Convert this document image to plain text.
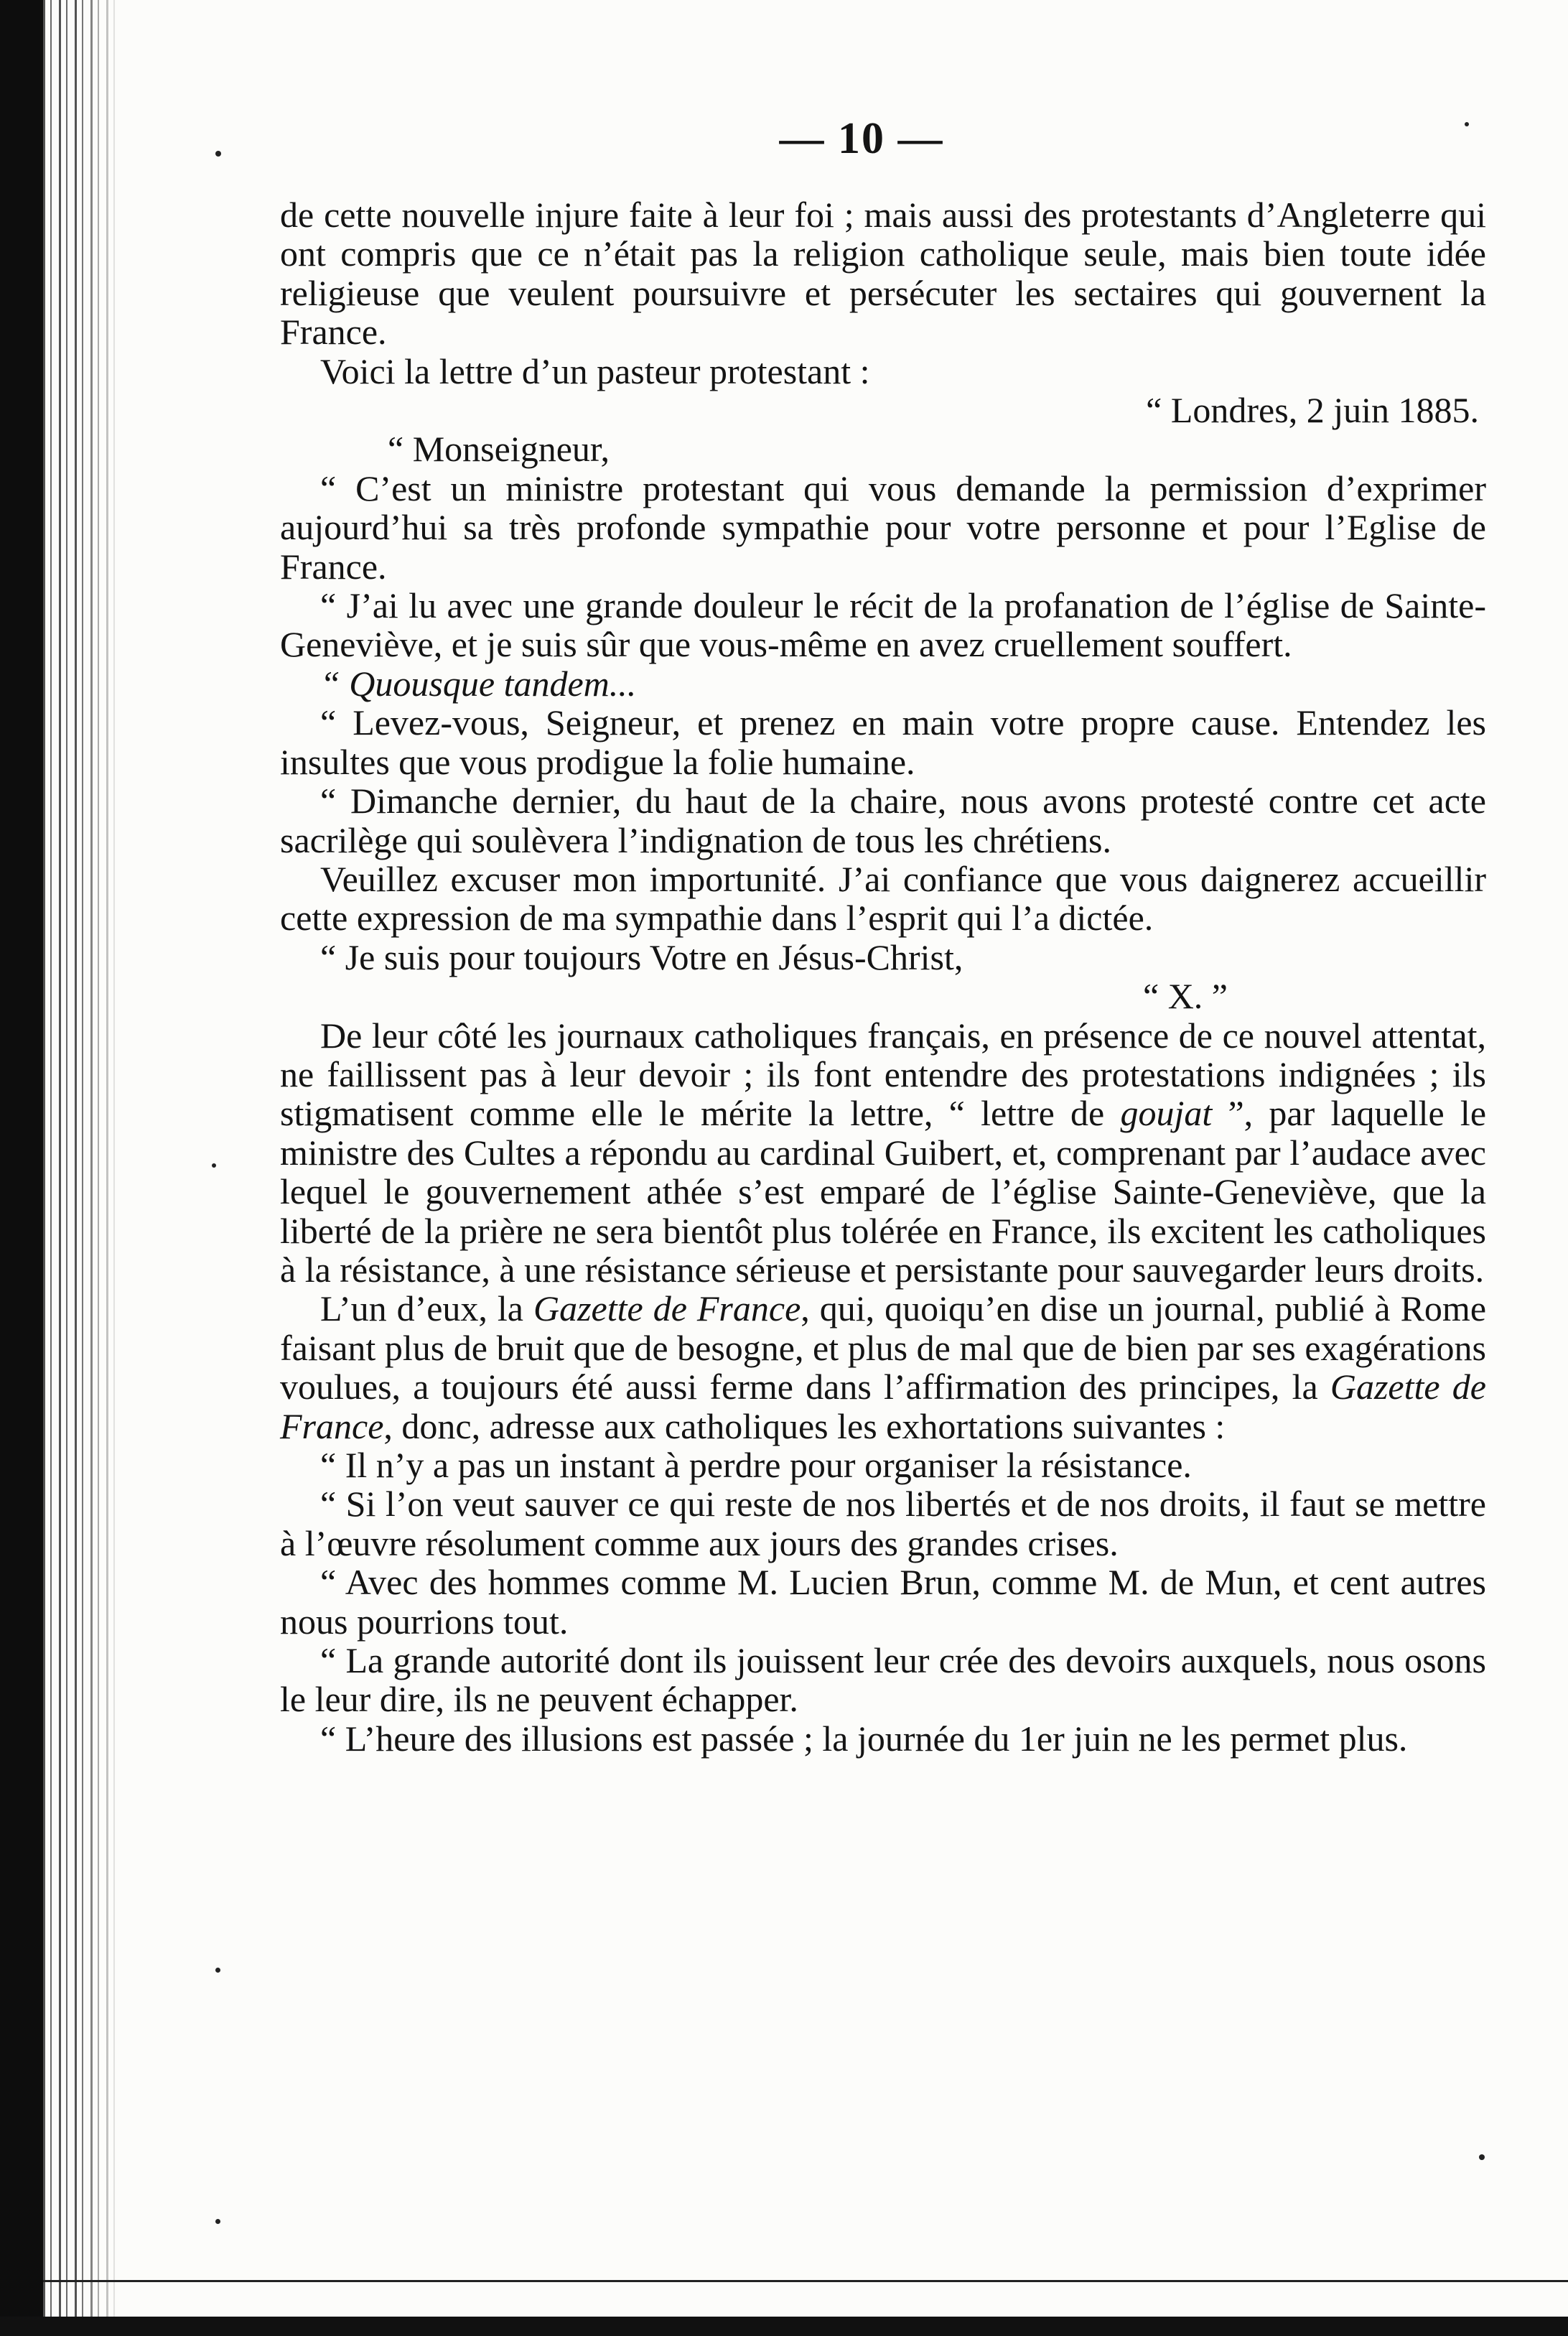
— 10 —

de cette nouvelle injure faite à leur foi ; mais aussi des protestants d’Angleterre qui ont compris que ce n’était pas la religion catholique seule, mais bien toute idée religieuse que veulent poursuivre et persécuter les sectaires qui gouvernent la France.

Voici la lettre d’un pasteur protestant :

“ Londres, 2 juin 1885.

“ Monseigneur,

“ C’est un ministre protestant qui vous demande la permission d’exprimer aujourd’hui sa très profonde sympathie pour votre personne et pour l’Eglise de France.

“ J’ai lu avec une grande douleur le récit de la profanation de l’église de Sainte-Geneviève, et je suis sûr que vous-même en avez cruellement souffert.

“ Quousque tandem...

“ Levez-vous, Seigneur, et prenez en main votre propre cause. Entendez les insultes que vous prodigue la folie humaine.

“ Dimanche dernier, du haut de la chaire, nous avons protesté contre cet acte sacrilège qui soulèvera l’indignation de tous les chrétiens.

Veuillez excuser mon importunité. J’ai confiance que vous daignerez accueillir cette expression de ma sympathie dans l’esprit qui l’a dictée.

“ Je suis pour toujours Votre en Jésus-Christ,

“ X. ”

De leur côté les journaux catholiques français, en présence de ce nouvel attentat, ne faillissent pas à leur devoir ; ils font entendre des protestations indignées ; ils stigmatisent comme elle le mérite la lettre, “ lettre de goujat ”, par laquelle le ministre des Cultes a répondu au cardinal Guibert, et, comprenant par l’audace avec lequel le gouvernement athée s’est emparé de l’église Sainte-Geneviève, que la liberté de la prière ne sera bientôt plus tolérée en France, ils excitent les catholiques à la résistance, à une résistance sérieuse et persistante pour sauvegarder leurs droits.

L’un d’eux, la Gazette de France, qui, quoiqu’en dise un journal, publié à Rome faisant plus de bruit que de besogne, et plus de mal que de bien par ses exagérations voulues, a toujours été aussi ferme dans l’affirmation des principes, la Gazette de France, donc, adresse aux catholiques les exhortations suivantes :

“ Il n’y a pas un instant à perdre pour organiser la résistance.

“ Si l’on veut sauver ce qui reste de nos libertés et de nos droits, il faut se mettre à l’œuvre résolument comme aux jours des grandes crises.

“ Avec des hommes comme M. Lucien Brun, comme M. de Mun, et cent autres nous pourrions tout.

“ La grande autorité dont ils jouissent leur crée des devoirs auxquels, nous osons le leur dire, ils ne peuvent échapper.

“ L’heure des illusions est passée ; la journée du 1er juin ne les permet plus.
